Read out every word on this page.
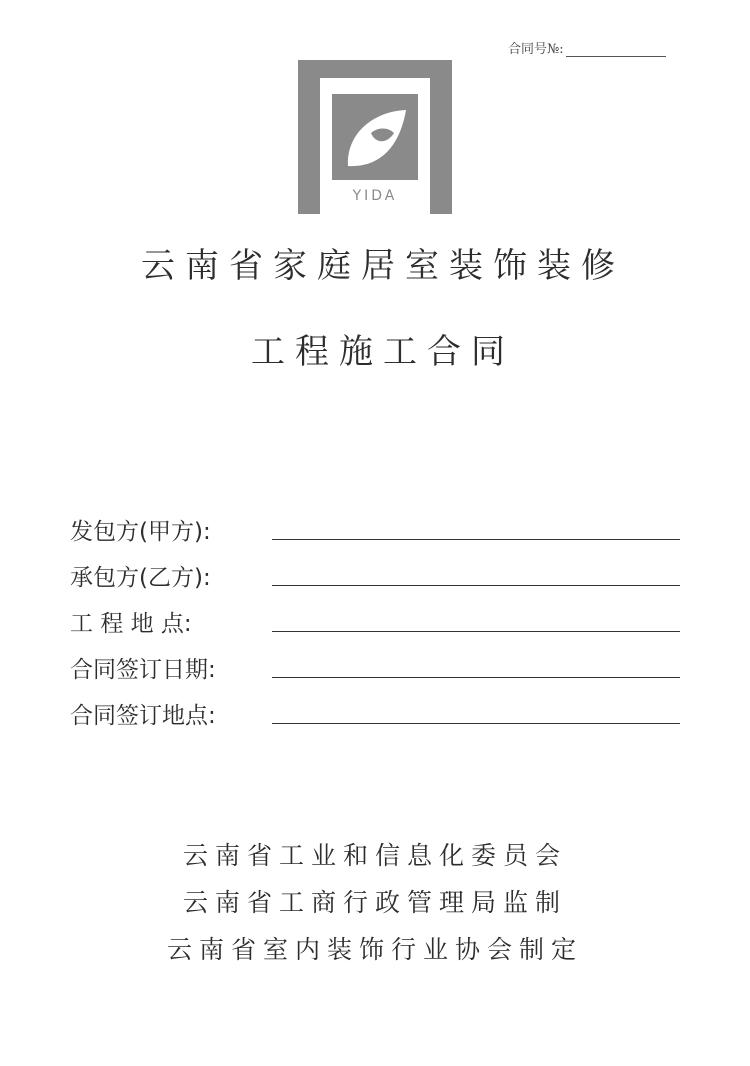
合同号№:
YIDA
云南省家庭居室装饰装修
工程施工合同
发包方(甲方):
承包方(乙方):
工 程 地 点:
合同签订日期:
合同签订地点:
云南省工业和信息化委员会
云南省工商行政管理局监制
云南省室内装饰行业协会制定
